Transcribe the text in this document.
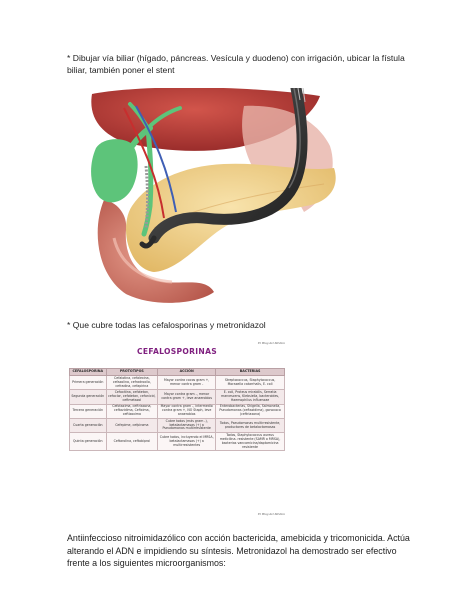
* Dibujar vía biliar (hígado, páncreas. Vesícula y duodeno) con irrigación, ubicar la fístula biliar, también poner el stent

* Que cubre todas las cefalosporinas y metronidazol

El Blog del Médico
CEFALOSPORINAS
CEFALOSPORINA	PROTOTIPOS	ACCIÓN	BACTERIAS
Primera generación	Cefalotina, cefalexina, cefazolina, cefradroxilo, cefradina, cefapirina	Mayor contra cocos gram +, menor contra gram -	Streptococcus, Staphylococcus, Moraxella catarrhalis, E. coli
Segunda generación	Cefoxitina, cefotetan, cefaclor, cefotetan, cefonicid, ceftmetazol	Mayor contra gram -, menor contra gram +, leve anaerobios	E. coli, Proteus mirabilis, Serratia marcescens, Klebsiella, bacteroides, Haemophilus influenzae
Tercera generación	Cefotaxima, ceftriaxona, ceftazidima, Cefixima, ceftizoxima	Mayor contra gram -, intermedio contra gram +, NO Staph, leve anaerobios	Enterobacterias, Shigella, Salmonella, Pseudomonas (ceftazidima), gonococo (ceftriaxona)
Cuarta generación	Cefepime, cefpiroma	Cubre todos (más gram -), betalactamasas (+) a Pseudomonas multirresistente	Todos, Pseudomonas multirresistente, productores de betalactamasas
Quinta generación	Ceftarolina, ceftobiprol	Cubre todos, incluyendo el MRSA, betalactamasas (+) a multirresistentes	Todos, Staphylococcus aureus meticilina- resistente (SAMR o MRSA), bacterias vancomicina/daptomicina resistente
El Blog del Médico

Antiinfeccioso nitroimidazólico con acción bactericida, amebicida y tricomonicida. Actúa alterando el ADN e impidiendo su síntesis. Metronidazol ha demostrado ser efectivo frente a los siguientes microorganismos:
